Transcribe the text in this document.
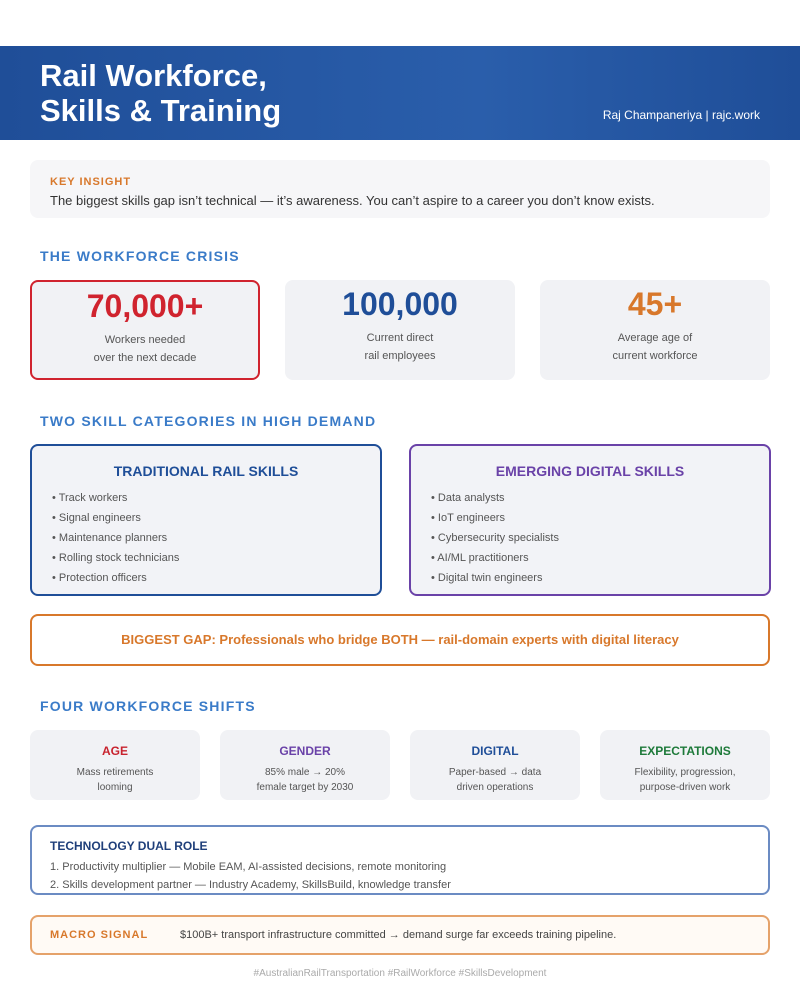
Rail Workforce,
Skills & Training	Raj Champaneriya | rajc.work
KEY INSIGHT
The biggest skills gap isn’t technical — it’s awareness. You can’t aspire to a career you don’t know exists.
THE WORKFORCE CRISIS
70,000+
Workers needed
over the next decade
100,000
Current direct
rail employees
45+
Average age of
current workforce
TWO SKILL CATEGORIES IN HIGH DEMAND
TRADITIONAL RAIL SKILLS
• Track workers
• Signal engineers
• Maintenance planners
• Rolling stock technicians
• Protection officers
EMERGING DIGITAL SKILLS
• Data analysts
• IoT engineers
• Cybersecurity specialists
• AI/ML practitioners
• Digital twin engineers
BIGGEST GAP: Professionals who bridge BOTH — rail-domain experts with digital literacy
FOUR WORKFORCE SHIFTS
AGE
Mass retirements
looming
GENDER
85% male → 20%
female target by 2030
DIGITAL
Paper-based → data
driven operations
EXPECTATIONS
Flexibility, progression,
purpose-driven work
TECHNOLOGY DUAL ROLE
1. Productivity multiplier — Mobile EAM, AI-assisted decisions, remote monitoring
2. Skills development partner — Industry Academy, SkillsBuild, knowledge transfer
MACRO SIGNAL	$100B+ transport infrastructure committed → demand surge far exceeds training pipeline.
#AustralianRailTransportation #RailWorkforce #SkillsDevelopment
